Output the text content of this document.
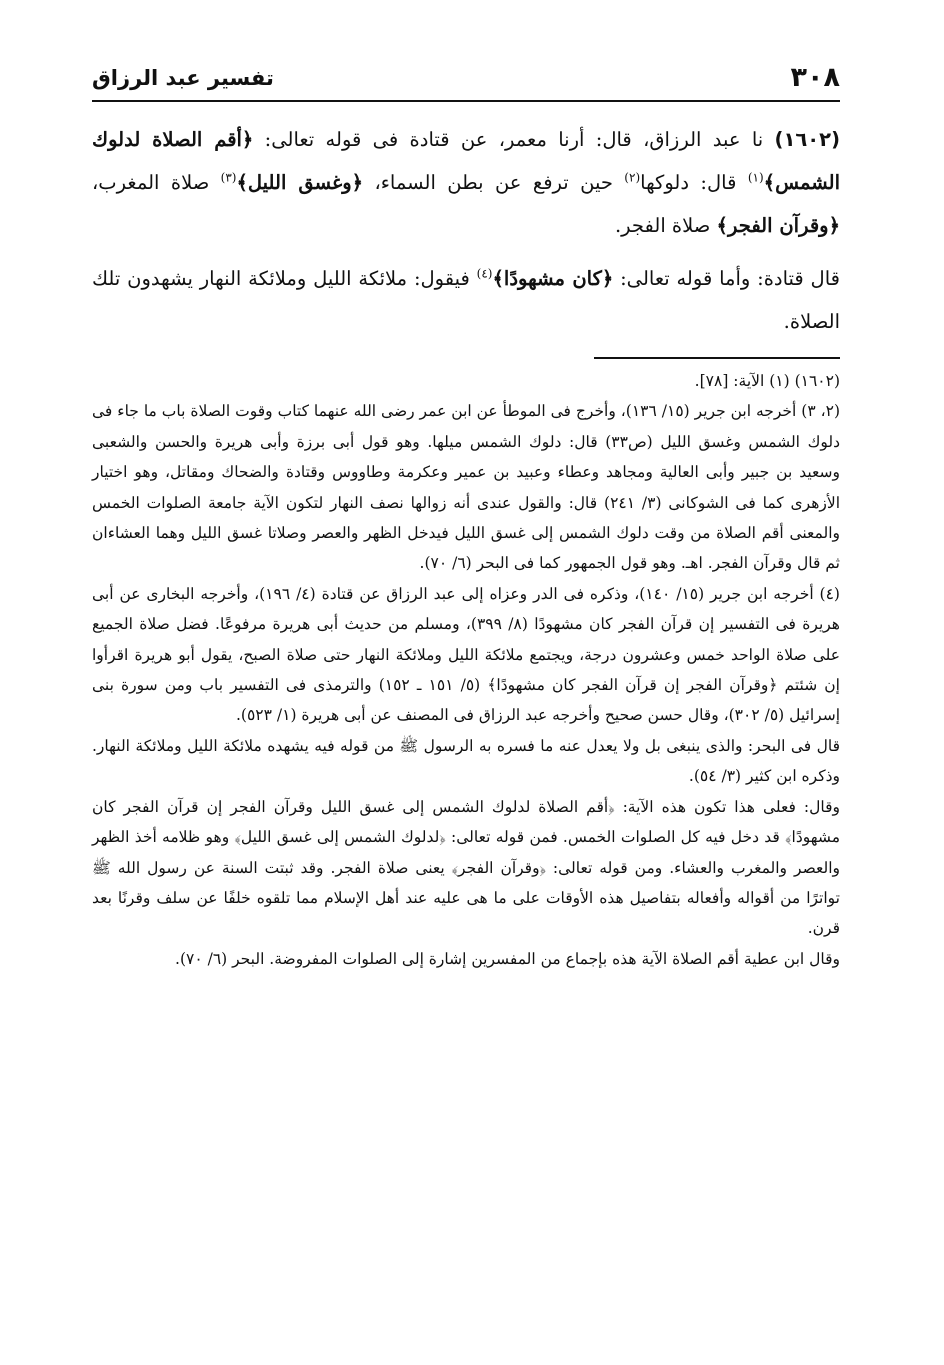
٣٠٨
تفسير عبد الرزاق

(١٦٠٢) نا عبد الرزاق، قال: أرنا معمر، عن قتادة فى قوله تعالى: ﴿أقم الصلاة لدلوك الشمس﴾$^{(١)}$ قال: دلوكها$^{(٢)}$ حين ترفع عن بطن السماء، ﴿وغسق الليل﴾$^{(٣)}$ صلاة المغرب، ﴿وقرآن الفجر﴾ صلاة الفجر.

قال قتادة: وأما قوله تعالى: ﴿كان مشهودًا﴾$^{(٤)}$ فيقول: ملائكة الليل وملائكة النهار يشهدون تلك الصلاة.

(١٦٠٢) (١) الآية: [٧٨].

(٢، ٣) أخرجه ابن جرير (١٥/ ١٣٦)، وأخرج فى الموطأ عن ابن عمر رضى الله عنهما كتاب وقوت الصلاة باب ما جاء فى دلوك الشمس وغسق الليل (ص٣٣) قال: دلوك الشمس ميلها. وهو قول أبى برزة وأبى هريرة والحسن والشعبى وسعيد بن جبير وأبى العالية ومجاهد وعطاء وعبيد بن عمير وعكرمة وطاووس وقتادة والضحاك ومقاتل، وهو اختيار الأزهرى كما فى الشوكانى (٣/ ٢٤١) قال: والقول عندى أنه زوالها نصف النهار لتكون الآية جامعة الصلوات الخمس والمعنى أقم الصلاة من وقت دلوك الشمس إلى غسق الليل فيدخل الظهر والعصر وصلاتا غسق الليل وهما العشاءان ثم قال وقرآن الفجر. اهـ. وهو قول الجمهور كما فى البحر (٦/ ٧٠).

(٤) أخرجه ابن جرير (١٥/ ١٤٠)، وذكره فى الدر وعزاه إلى عبد الرزاق عن قتادة (٤/ ١٩٦)، وأخرجه البخارى عن أبى هريرة فى التفسير إن قرآن الفجر كان مشهودًا (٨/ ٣٩٩)، ومسلم من حديث أبى هريرة مرفوعًا. فضل صلاة الجميع على صلاة الواحد خمس وعشرون درجة، ويجتمع ملائكة الليل وملائكة النهار حتى صلاة الصبح، يقول أبو هريرة اقرأوا إن شئتم ﴿وقرآن الفجر إن قرآن الفجر كان مشهودًا﴾ (٥/ ١٥١ ـ ١٥٢) والترمذى فى التفسير باب ومن سورة بنى إسرائيل (٥/ ٣٠٢)، وقال حسن صحيح وأخرجه عبد الرزاق فى المصنف عن أبى هريرة (١/ ٥٢٣).

قال فى البحر: والذى ينبغى بل ولا يعدل عنه ما فسره به الرسول ﷺ من قوله فيه يشهده ملائكة الليل وملائكة النهار. وذكره ابن كثير (٣/ ٥٤).

وقال: فعلى هذا تكون هذه الآية: ﴿أقم الصلاة لدلوك الشمس إلى غسق الليل وقرآن الفجر إن قرآن الفجر كان مشهودًا﴾ قد دخل فيه كل الصلوات الخمس. فمن قوله تعالى: ﴿لدلوك الشمس إلى غسق الليل﴾ وهو ظلامه أخذ الظهر والعصر والمغرب والعشاء. ومن قوله تعالى: ﴿وقرآن الفجر﴾ يعنى صلاة الفجر. وقد ثبتت السنة عن رسول الله ﷺ تواترًا من أقواله وأفعاله بتفاصيل هذه الأوقات على ما هى عليه عند أهل الإسلام مما تلقوه خلفًا عن سلف وقرنًا بعد قرن.

وقال ابن عطية أقم الصلاة الآية هذه بإجماع من المفسرين إشارة إلى الصلوات المفروضة. البحر (٦/ ٧٠).
